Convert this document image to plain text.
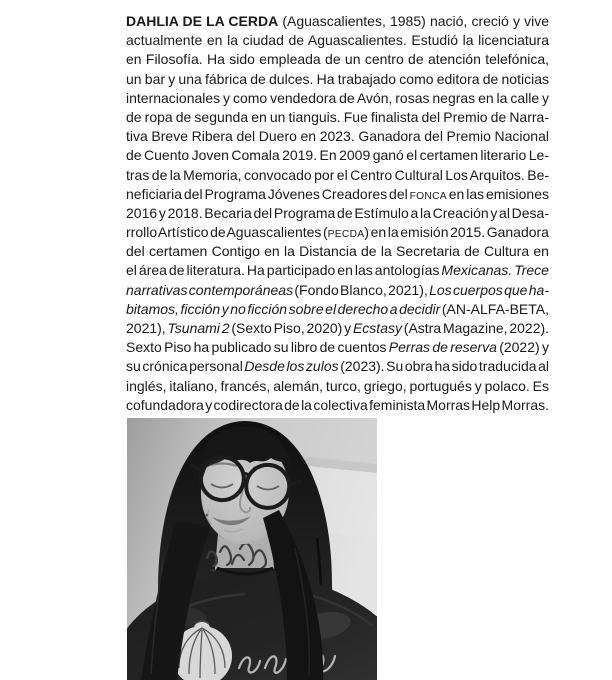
DAHLIA DE LA CERDA (Aguascalientes, 1985) nació, creció y vive
actualmente en la ciudad de Aguascalientes. Estudió la licenciatura
en Filosofía. Ha sido empleada de un centro de atención telefónica,
un bar y una fábrica de dulces. Ha trabajado como editora de noticias
internacionales y como vendedora de Avón, rosas negras en la calle y
de ropa de segunda en un tianguis. Fue finalista del Premio de Narra-
tiva Breve Ribera del Duero en 2023. Ganadora del Premio Nacional
de Cuento Joven Comala 2019. En 2009 ganó el certamen literario Le-
tras de la Memoria, convocado por el Centro Cultural Los Arquitos. Be-
neficiaria del Programa Jóvenes Creadores del FONCA en las emisiones
2016 y 2018. Becaria del Programa de Estímulo a la Creación y al Desa-
rrollo Artístico de Aguascalientes (PECDA) en la emisión 2015. Ganadora
del certamen Contigo en la Distancia de la Secretaria de Cultura en
el área de literatura. Ha participado en las antologías Mexicanas. Trece
narrativas contemporáneas (Fondo Blanco, 2021), Los cuerpos que ha-
bitamos, ficción y no ficción sobre el derecho a decidir (AN-ALFA-BETA,
2021), Tsunami 2 (Sexto Piso, 2020) y Ecstasy (Astra Magazine, 2022).
Sexto Piso ha publicado su libro de cuentos Perras de reserva (2022) y
su crónica personal Desde los zulos (2023). Su obra ha sido traducida al
inglés, italiano, francés, alemán, turco, griego, portugués y polaco. Es
cofundadora y codirectora de la colectiva feminista Morras Help Morras.
